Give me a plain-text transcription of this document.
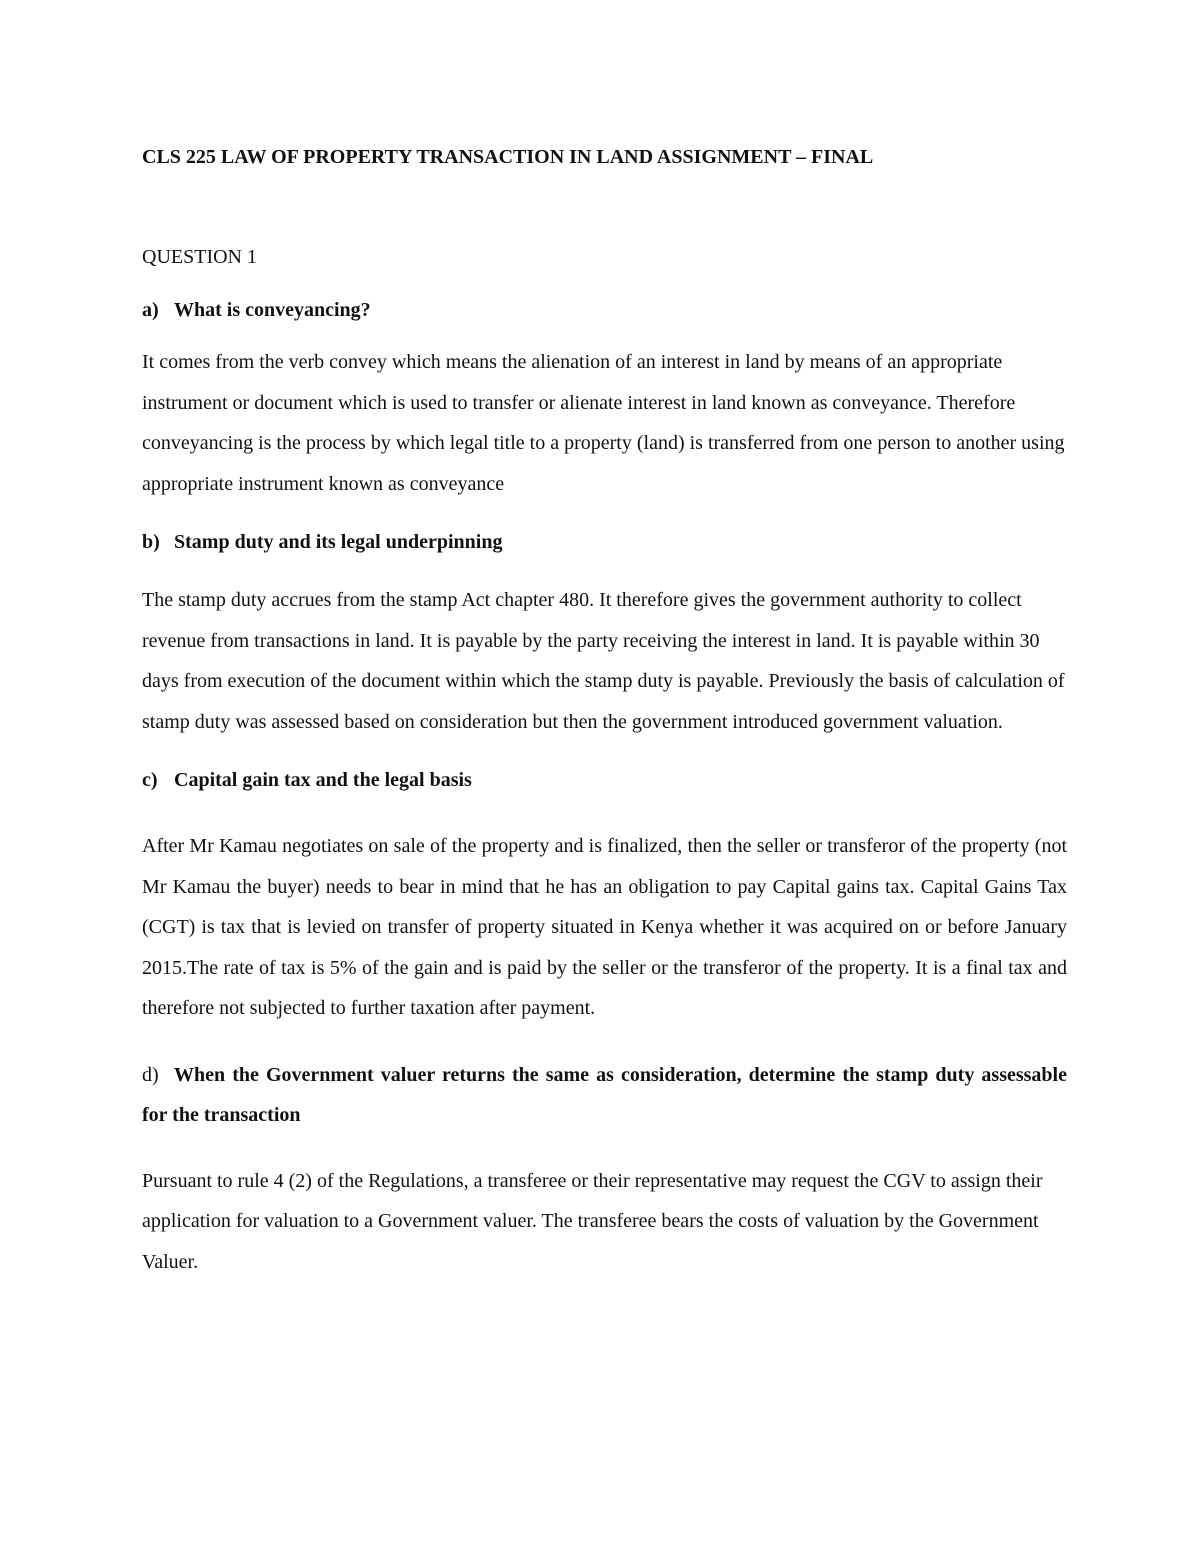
CLS 225 LAW OF PROPERTY TRANSACTION IN LAND ASSIGNMENT – FINAL

QUESTION 1

a) What is conveyancing?

It comes from the verb convey which means the alienation of an interest in land by means of an appropriate instrument or document which is used to transfer or alienate interest in land known as conveyance. Therefore conveyancing is the process by which legal title to a property (land) is transferred from one person to another using appropriate instrument known as conveyance

b) Stamp duty and its legal underpinning

The stamp duty accrues from the stamp Act chapter 480. It therefore gives the government authority to collect revenue from transactions in land. It is payable by the party receiving the interest in land. It is payable within 30 days from execution of the document within which the stamp duty is payable. Previously the basis of calculation of stamp duty was assessed based on consideration but then the government introduced government valuation.

c) Capital gain tax and the legal basis

After Mr Kamau negotiates on sale of the property and is finalized, then the seller or transferor of the property (not Mr Kamau the buyer) needs to bear in mind that he has an obligation to pay Capital gains tax. Capital Gains Tax (CGT) is tax that is levied on transfer of property situated in Kenya whether it was acquired on or before January 2015.The rate of tax is 5% of the gain and is paid by the seller or the transferor of the property. It is a final tax and therefore not subjected to further taxation after payment.

d) When the Government valuer returns the same as consideration, determine the stamp duty assessable for the transaction

Pursuant to rule 4 (2) of the Regulations, a transferee or their representative may request the CGV to assign their application for valuation to a Government valuer. The transferee bears the costs of valuation by the Government Valuer.
